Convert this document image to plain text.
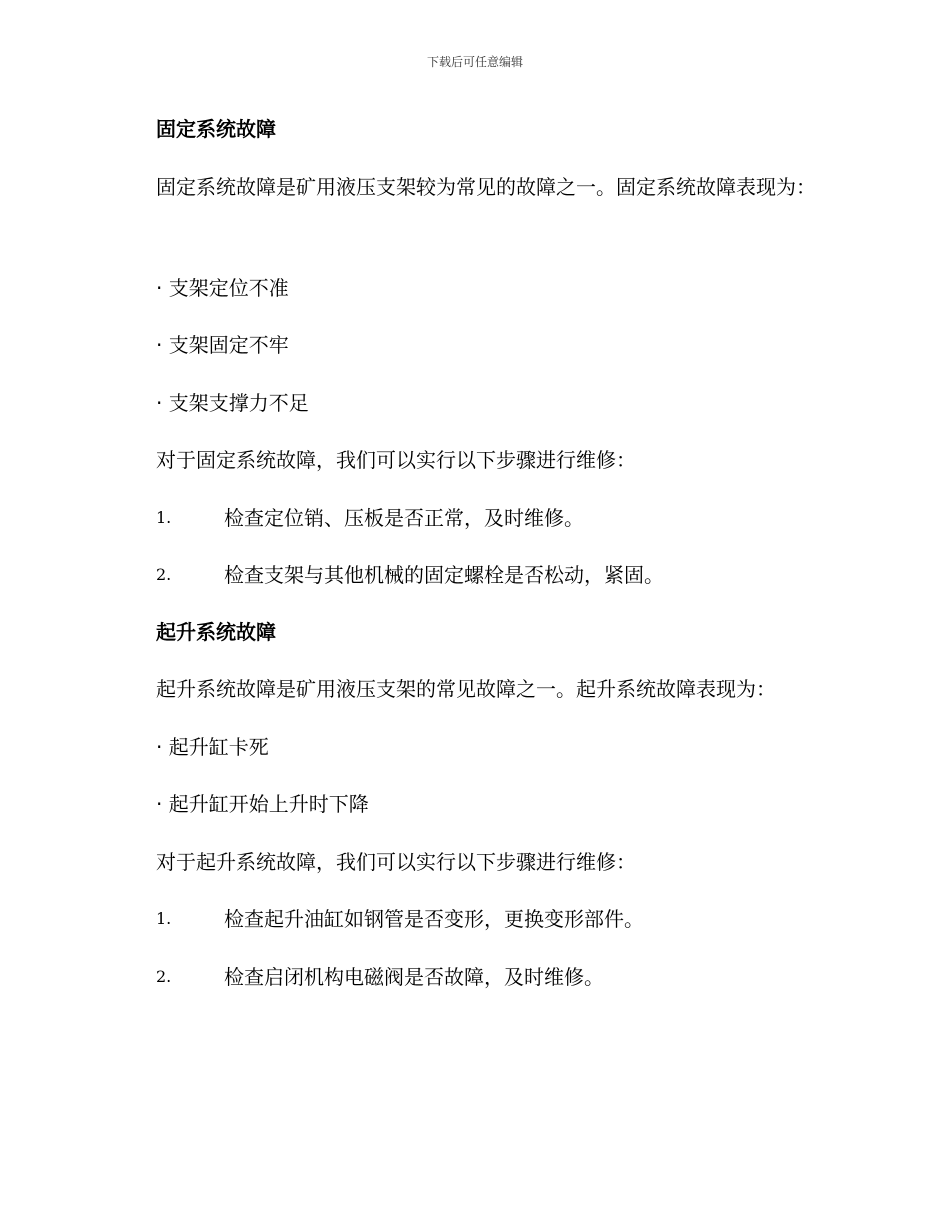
下载后可任意编辑
固定系统故障
固定系统故障是矿用液压支架较为常见的故障之一。固定系统故障表现为：
· 支架定位不准
· 支架固定不牢
· 支架支撑力不足
对于固定系统故障，我们可以实行以下步骤进行维修：
1.	检查定位销、压板是否正常，及时维修。
2.	检查支架与其他机械的固定螺栓是否松动，紧固。
起升系统故障
起升系统故障是矿用液压支架的常见故障之一。起升系统故障表现为：
· 起升缸卡死
· 起升缸开始上升时下降
对于起升系统故障，我们可以实行以下步骤进行维修：
1.	检查起升油缸如钢管是否变形，更换变形部件。
2.	检查启闭机构电磁阀是否故障，及时维修。
